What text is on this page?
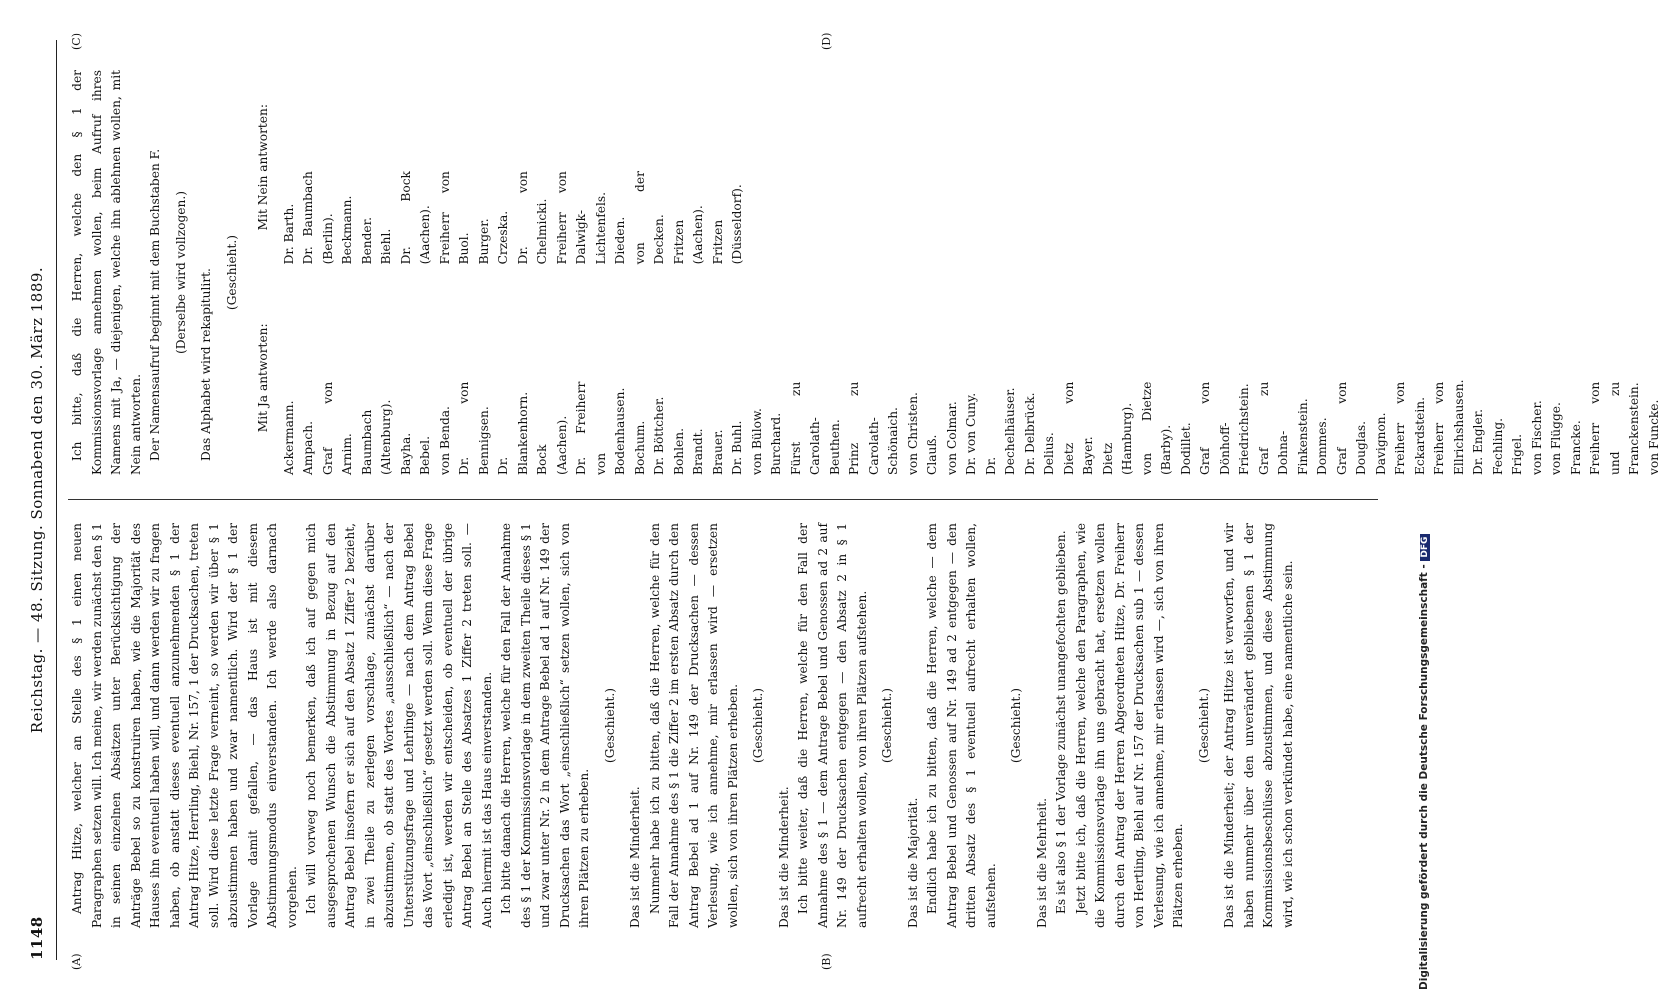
1148
Reichstag. — 48. Sitzung. Sonnabend den 30. März 1889.
(A)	(B)
(C)	(D)

Antrag Hitze, welcher an Stelle des § 1 einen neuen Paragraphen setzen will. Ich meine, wir werden zunächst den § 1 in seinen einzelnen Absätzen unter Berücksichtigung der Anträge Bebel so zu konstruiren haben, wie die Majorität des Hauses ihn eventuell haben will, und dann werden wir zu fragen haben, ob anstatt dieses eventuell anzunehmenden § 1 der Antrag Hitze, Herrling, Biehl, Nr. 157, 1 der Drucksachen, treten soll. Wird diese letzte Frage verneint, so werden wir über § 1 abzustimmen haben und zwar namentlich. Wird der § 1 der Vorlage damit gefallen, — das Haus ist mit diesem Abstimmungsmodus einverstanden. Ich werde also darnach vorgehen. Ich will vorweg noch bemerken, daß ich auf gegen mich ausgesprochenen Wunsch die Abstimmung in Bezug auf den Antrag Bebel insofern er sich auf den Absatz 1 Ziffer 2 bezieht, in zwei Theile zu zerlegen vorschlage, zunächst darüber abzustimmen, ob statt des Wortes „ausschließlich“ — nach der Unterstützungsfrage und Lehrlinge — nach dem Antrag Bebel das Wort „einschließlich“ gesetzt werden soll. Wenn diese Frage erledigt ist, werden wir entscheiden, ob eventuell der übrige Antrag Bebel an Stelle des Absatzes 1 Ziffer 2 treten soll. — Auch hiermit ist das Haus einverstanden. Ich bitte danach die Herren, welche für den Fall der Annahme des § 1 der Kommissionsvorlage in dem zweiten Theile dieses § 1 und zwar unter Nr. 2 in dem Antrage Bebel ad 1 auf Nr. 149 der Drucksachen das Wort „einschließlich“ setzen wollen, sich von ihren Plätzen zu erheben.

(Geschieht.)

Das ist die Minderheit. Nunmehr habe ich zu bitten, daß die Herren, welche für den Fall der Annahme des § 1 die Ziffer 2 im ersten Absatz durch den Antrag Bebel ad 1 auf Nr. 149 der Drucksachen — dessen Verlesung, wie ich annehme, mir erlassen wird — ersetzen wollen, sich von ihren Plätzen erheben. (Geschieht.)

Das ist die Minderheit. Ich bitte weiter, daß die Herren, welche für den Fall der Annahme des § 1 — dem Antrage Bebel und Genossen ad 2 auf Nr. 149 der Drucksachen entgegen — den Absatz 2 in § 1 aufrecht erhalten wollen, von ihren Plätzen aufstehen. (Geschieht.)

Das ist die Majorität. Endlich habe ich zu bitten, daß die Herren, welche — dem Antrag Bebel und Genossen auf Nr. 149 ad 2 entgegen — den dritten Absatz des § 1 eventuell aufrecht erhalten wollen, aufstehen.

(Geschieht.)

Das ist die Mehrheit. Es ist also § 1 der Vorlage zunächst unangefochten geblieben. Jetzt bitte ich, daß die Herren, welche den Paragraphen, wie die Kommissionsvorlage ihn uns gebracht hat, ersetzen wollen durch den Antrag der Herren Abgeordneten Hitze, Dr. Freiherr von Hertling, Biehl auf Nr. 157 der Drucksachen sub 1 — dessen Verlesung, wie ich annehme, mir erlassen wird —, sich von ihren Plätzen erheben.

(Geschieht.) Das ist die Minderheit; der Antrag Hitze ist verworfen, und wir haben nunmehr über den unverändert gebliebenen § 1 der Kommissionsbeschlüsse abzustimmen, und diese Abstimmung wird, wie ich schon verkündet habe, eine namentliche sein.

Ich bitte, daß die Herren, welche den § 1 der Kommissionsvorlage annehmen wollen, beim Aufruf ihres Namens mit Ja, — diejenigen, welche ihn ablehnen wollen, mit Nein antworten. Der Namensaufruf beginnt mit dem Buchstaben F. (Derselbe wird vollzogen.) Das Alphabet wird rekapitulirt. (Geschieht.)

Mit Ja antworten:

Ackermann. Ampach. Graf von Arnim. Baumbach (Altenburg). Bayha. Bebel. von Benda. Dr. von Bennigsen. Dr. Blankenhorn. Bock (Aachen). Dr. Freiherr von Bodenhausen. Bochum. Dr. Böttcher. Bohlen. Brandt. Brauer. Dr. Buhl. von Bülow. Burchard. Fürst zu Carolath-Beuthen. Prinz zu Carolath-Schönaich. von Christen. Clauß. von Colmar. Dr. von Cuny. Dr. Dechelhäuser. Dr. Delbrück. Delius. Dietz von Bayer. Dietz (Hamburg). von Dietze (Barby). Dodillet. Graf von Dönhoff-Friedrichstein. Graf zu Dohna-Finkenstein. Dommes. Graf von Douglas. Davignon. Freiherr von Eckardstein. Freiherr von Ellrichshausen. Dr. Engler. Fechling. Frigel. von Fischer. von Flügge. Francke. Freiherr von und zu Franckenstein. von Funcke.

Mit Nein antworten:

Dr. Barth. Dr. Baumbach (Berlin). Beckmann. Bender. Biehl. Dr. Bock (Aachen). Freiherr von Buol. Burger. Crzeska. Dr. von Chelmicki. Freiherr von Dalwigk-Lichtenfels. Dieden. von der Decken. Fritzen (Aachen). Fritzen (Düsseldorf).
Digitalisierung gefördert durch die Deutsche Forschungsgemeinschaft - DFG
